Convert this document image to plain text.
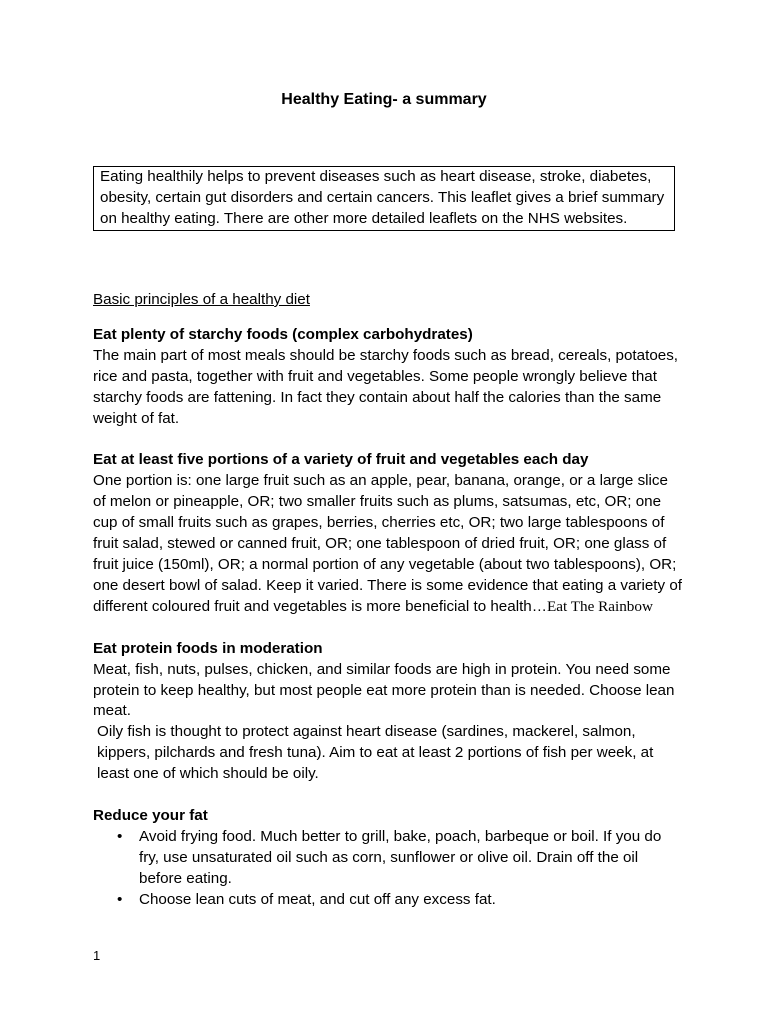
Healthy Eating- a summary

Eating healthily helps to prevent diseases such as heart disease, stroke, diabetes, obesity, certain gut disorders and certain cancers. This leaflet gives a brief summary on healthy eating. There are other more detailed leaflets on the NHS websites.

Basic principles of a healthy diet

Eat plenty of starchy foods (complex carbohydrates)

The main part of most meals should be starchy foods such as bread, cereals, potatoes, rice and pasta, together with fruit and vegetables. Some people wrongly believe that starchy foods are fattening. In fact they contain about half the calories than the same weight of fat.

Eat at least five portions of a variety of fruit and vegetables each day

One portion is: one large fruit such as an apple, pear, banana, orange, or a large slice of melon or pineapple, OR; two smaller fruits such as plums, satsumas, etc, OR; one cup of small fruits such as grapes, berries, cherries etc, OR; two large tablespoons of fruit salad, stewed or canned fruit, OR; one tablespoon of dried fruit, OR; one glass of fruit juice (150ml), OR; a normal portion of any vegetable (about two tablespoons), OR; one desert bowl of salad. Keep it varied. There is some evidence that eating a variety of different coloured fruit and vegetables is more beneficial to health…Eat The Rainbow

Eat protein foods in moderation

Meat, fish, nuts, pulses, chicken, and similar foods are high in protein. You need some protein to keep healthy, but most people eat more protein than is needed. Choose lean meat.

Oily fish is thought to protect against heart disease (sardines, mackerel, salmon, kippers, pilchards and fresh tuna). Aim to eat at least 2 portions of fish per week, at least one of which should be oily.

Reduce your fat
• Avoid frying food. Much better to grill, bake, poach, barbeque or boil. If you do fry, use unsaturated oil such as corn, sunflower or olive oil. Drain off the oil before eating.
• Choose lean cuts of meat, and cut off any excess fat.
1
